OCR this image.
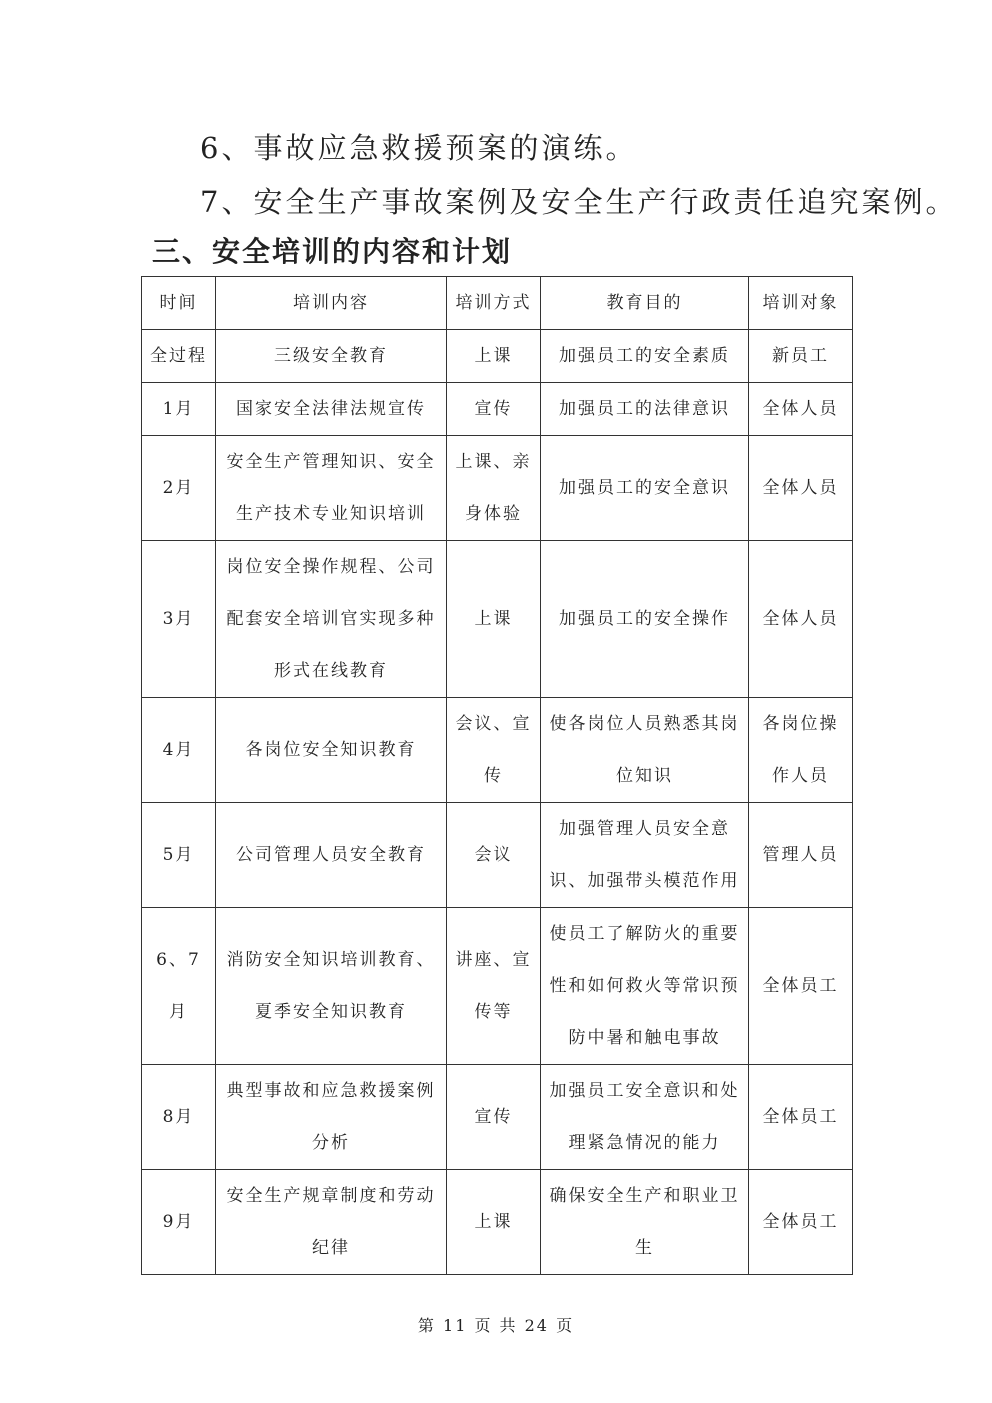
6、事故应急救援预案的演练。
7、安全生产事故案例及安全生产行政责任追究案例。
三、安全培训的内容和计划
时间	培训内容	培训方式	教育目的	培训对象
全过程	三级安全教育	上课	加强员工的安全素质	新员工
1月	国家安全法律法规宣传	宣传	加强员工的法律意识	全体人员
2月	安全生产管理知识、安全生产技术专业知识培训	上课、亲身体验	加强员工的安全意识	全体人员
3月	岗位安全操作规程、公司配套安全培训官实现多种形式在线教育	上课	加强员工的安全操作	全体人员
4月	各岗位安全知识教育	会议、宣传	使各岗位人员熟悉其岗位知识	各岗位操作人员
5月	公司管理人员安全教育	会议	加强管理人员安全意识、加强带头模范作用	管理人员
6、7月	消防安全知识培训教育、夏季安全知识教育	讲座、宣传等	使员工了解防火的重要性和如何救火等常识预防中暑和触电事故	全体员工
8月	典型事故和应急救援案例分析	宣传	加强员工安全意识和处理紧急情况的能力	全体员工
9月	安全生产规章制度和劳动纪律	上课	确保安全生产和职业卫生	全体员工
第 11 页 共 24 页
